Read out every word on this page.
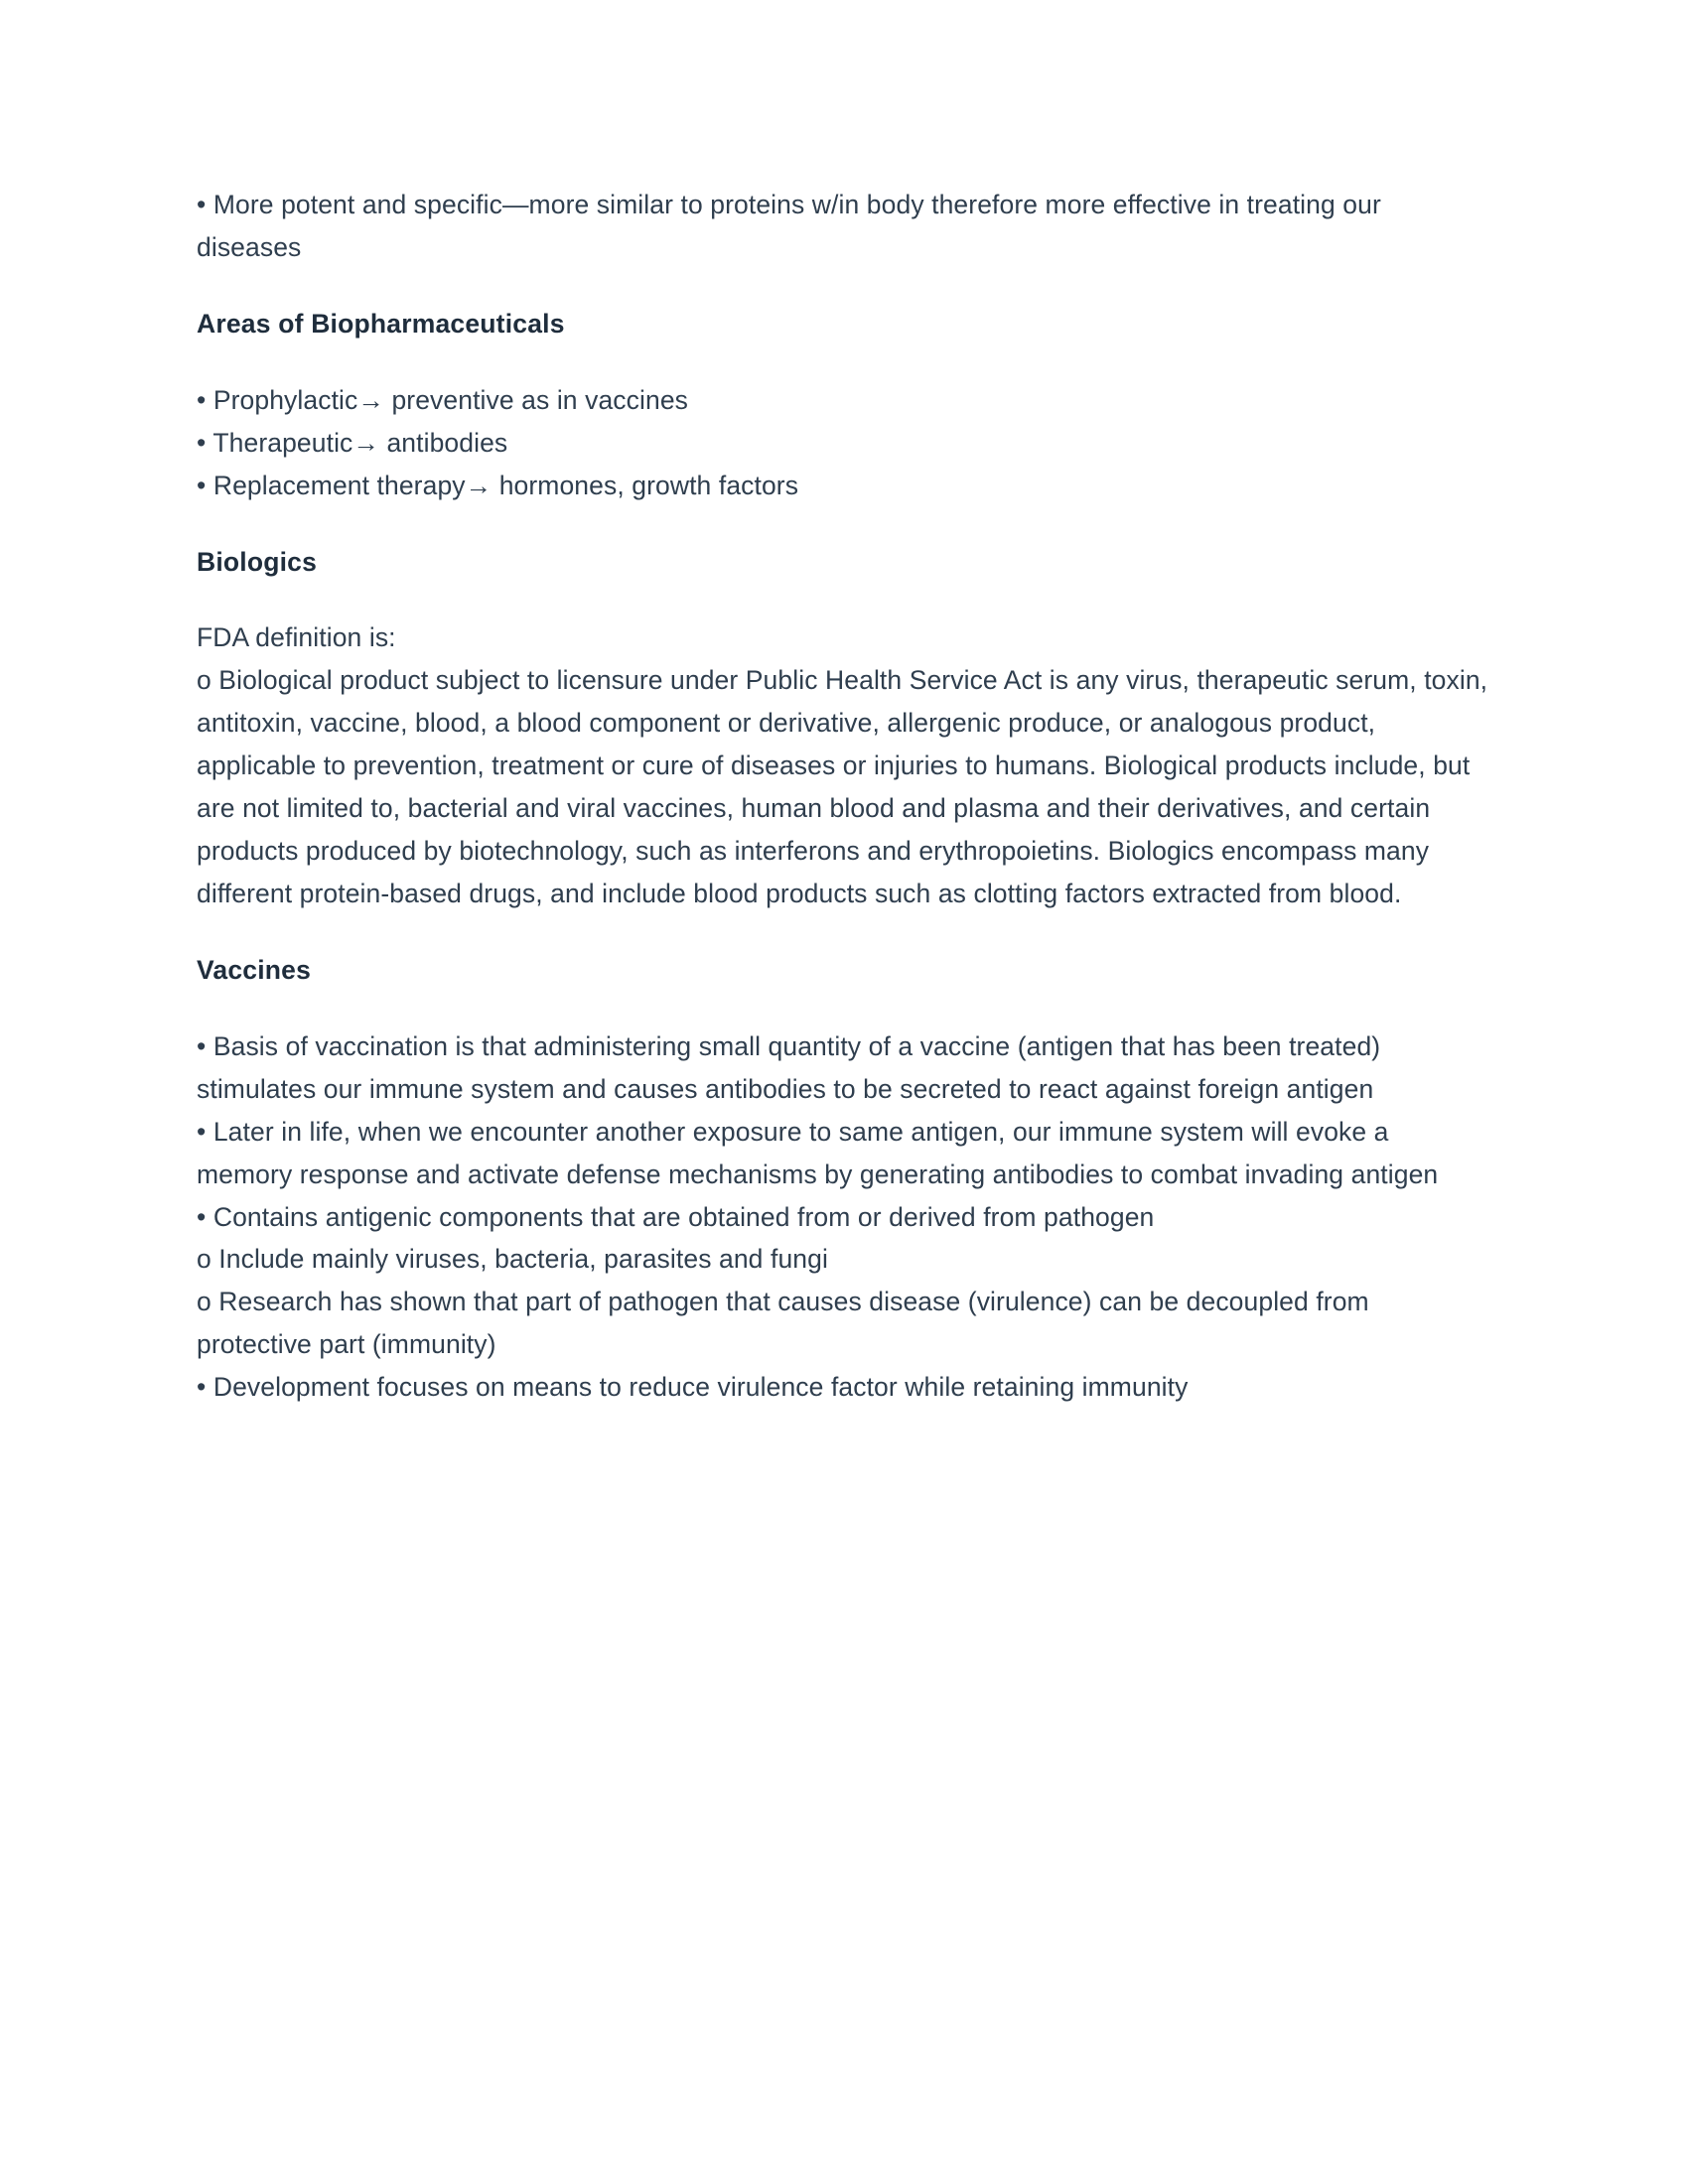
• More potent and specific—more similar to proteins w/in body therefore more effective in treating our diseases

Areas of Biopharmaceuticals

• Prophylactic→ preventive as in vaccines

• Therapeutic→ antibodies

• Replacement therapy→ hormones, growth factors

Biologics

FDA definition is:

o Biological product subject to licensure under Public Health Service Act is any virus, therapeutic serum, toxin, antitoxin, vaccine, blood, a blood component or derivative, allergenic produce, or analogous product, applicable to prevention, treatment or cure of diseases or injuries to humans. Biological products include, but are not limited to, bacterial and viral vaccines, human blood and plasma and their derivatives, and certain products produced by biotechnology, such as interferons and erythropoietins. Biologics encompass many different protein-based drugs, and include blood products such as clotting factors extracted from blood.

Vaccines

• Basis of vaccination is that administering small quantity of a vaccine (antigen that has been treated) stimulates our immune system and causes antibodies to be secreted to react against foreign antigen

• Later in life, when we encounter another exposure to same antigen, our immune system will evoke a memory response and activate defense mechanisms by generating antibodies to combat invading antigen

• Contains antigenic components that are obtained from or derived from pathogen

o Include mainly viruses, bacteria, parasites and fungi

o Research has shown that part of pathogen that causes disease (virulence) can be decoupled from protective part (immunity)

• Development focuses on means to reduce virulence factor while retaining immunity
